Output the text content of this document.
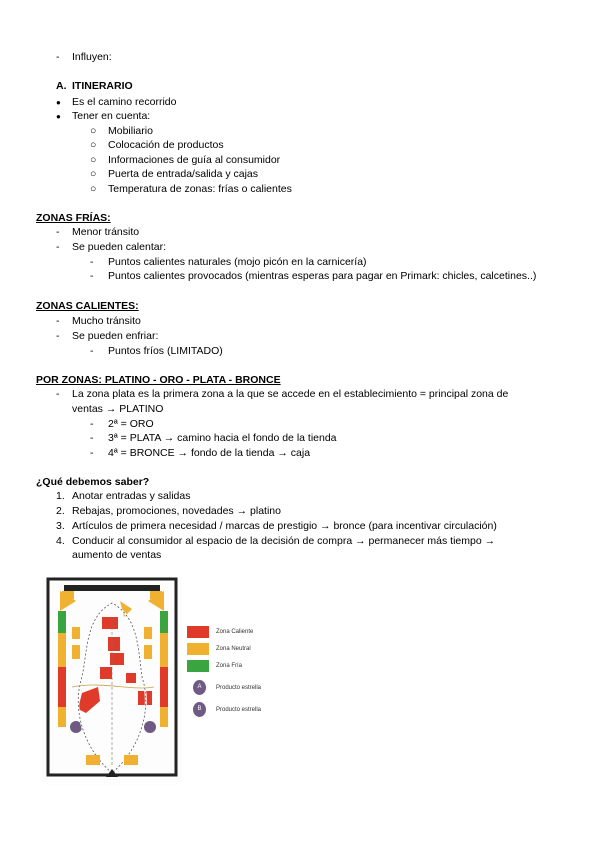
- Influyen:
A. ITINERARIO
● Es el camino recorrido
● Tener en cuenta:
○ Mobiliario
○ Colocación de productos
○ Informaciones de guía al consumidor
○ Puerta de entrada/salida y cajas
○ Temperatura de zonas: frías o calientes
ZONAS FRÍAS:
- Menor tránsito
- Se pueden calentar:
- Puntos calientes naturales (mojo picón en la carnicería)
- Puntos calientes provocados (mientras esperas para pagar en Primark: chicles, calcetines..)
ZONAS CALIENTES:
- Mucho tránsito
- Se pueden enfriar:
- Puntos fríos (LIMITADO)
POR ZONAS: PLATINO - ORO - PLATA - BRONCE
- La zona plata es la primera zona a la que se accede en el establecimiento = principal zona de
ventas → PLATINO
- 2ª = ORO
- 3ª = PLATA → camino hacia el fondo de la tienda
- 4ª = BRONCE → fondo de la tienda → caja
¿Qué debemos saber?
1. Anotar entradas y salidas
2. Rebajas, promociones, novedades → platino
3. Artículos de primera necesidad / marcas de prestigio → bronce (para incentivar circulación)
4. Conducir al consumidor al espacio de la decisión de compra → permanecer más tiempo →
aumento de ventas
Zona Caliente
Zona Neutral
Zona Fría
A	Producto estrella
B	Producto estrella
